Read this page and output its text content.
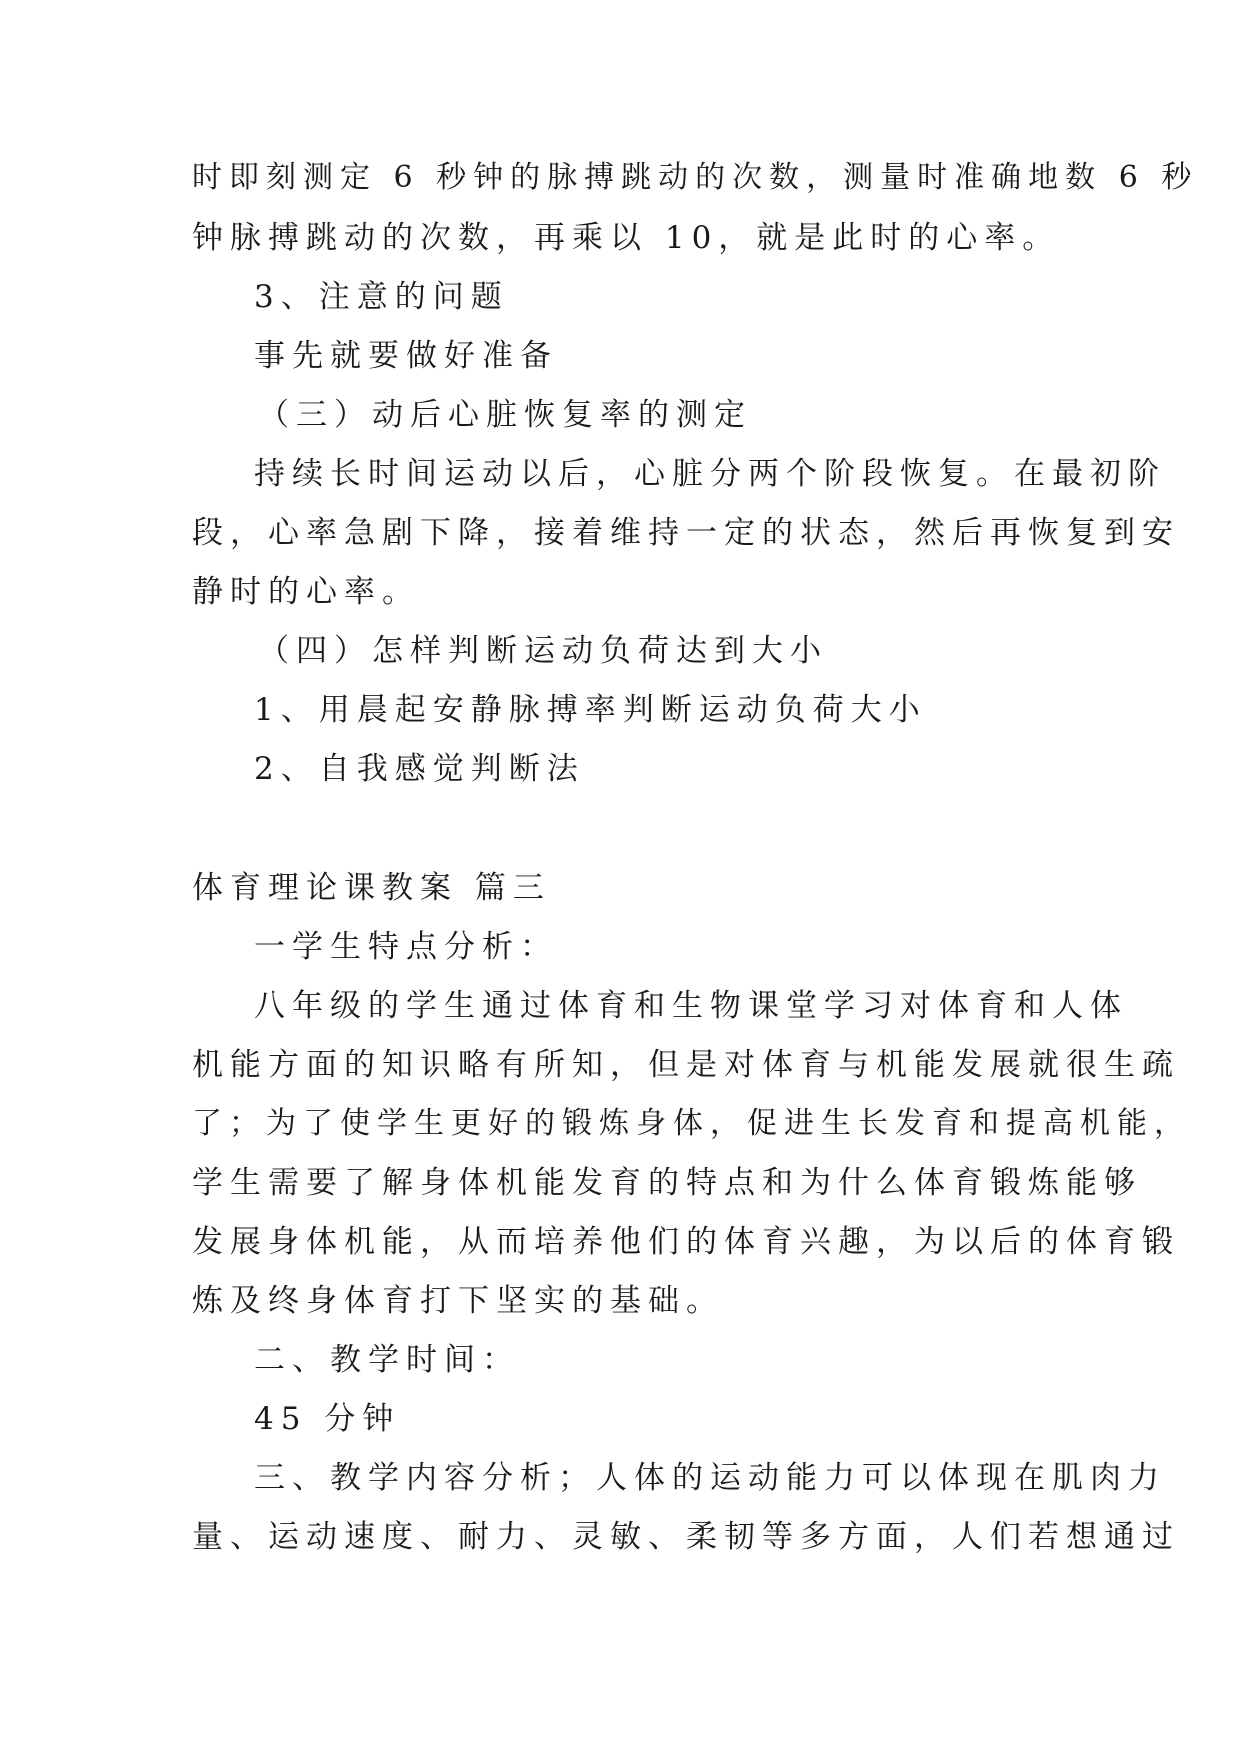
时即刻测定 6 秒钟的脉搏跳动的次数，测量时准确地数 6 秒
钟脉搏跳动的次数，再乘以 10，就是此时的心率。
3、注意的问题
事先就要做好准备
（三）动后心脏恢复率的测定
持续长时间运动以后，心脏分两个阶段恢复。在最初阶
段，心率急剧下降，接着维持一定的状态，然后再恢复到安
静时的心率。
（四）怎样判断运动负荷达到大小
1、用晨起安静脉搏率判断运动负荷大小
2、自我感觉判断法
体育理论课教案 篇三
一学生特点分析：
八年级的学生通过体育和生物课堂学习对体育和人体
机能方面的知识略有所知，但是对体育与机能发展就很生疏
了；为了使学生更好的锻炼身体，促进生长发育和提高机能，
学生需要了解身体机能发育的特点和为什么体育锻炼能够
发展身体机能，从而培养他们的体育兴趣，为以后的体育锻
炼及终身体育打下坚实的基础。
二、教学时间：
45 分钟
三、教学内容分析；人体的运动能力可以体现在肌肉力
量、运动速度、耐力、灵敏、柔韧等多方面，人们若想通过
